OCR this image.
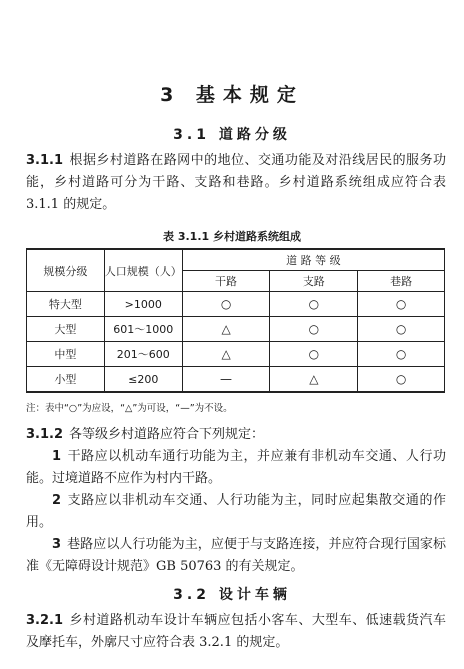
3 基本规定
3.1 道路分级
3.1.1 根据乡村道路在路网中的地位、交通功能及对沿线居民的服务功能，乡村道路可分为干路、支路和巷路。乡村道路系统组成应符合表 3.1.1 的规定。
表 3.1.1 乡村道路系统组成
规模分级	人口规模（人）	道 路 等 级		
		干路	支路	巷路
特大型	>1000	○	○	○
大型	601～1000	△	○	○
中型	201～600	△	○	○
小型	≤200	—	△	○
注：表中“○”为应设，“△”为可设，“—”为不设。
3.1.2 各等级乡村道路应符合下列规定：
1 干路应以机动车通行功能为主，并应兼有非机动车交通、人行功能。过境道路不应作为村内干路。
2 支路应以非机动车交通、人行功能为主，同时应起集散交通的作用。
3 巷路应以人行功能为主，应便于与支路连接，并应符合现行国家标准《无障碍设计规范》GB 50763 的有关规定。
3.2 设计车辆
3.2.1 乡村道路机动车设计车辆应包括小客车、大型车、低速载货汽车及摩托车，外廓尺寸应符合表 3.2.1 的规定。
